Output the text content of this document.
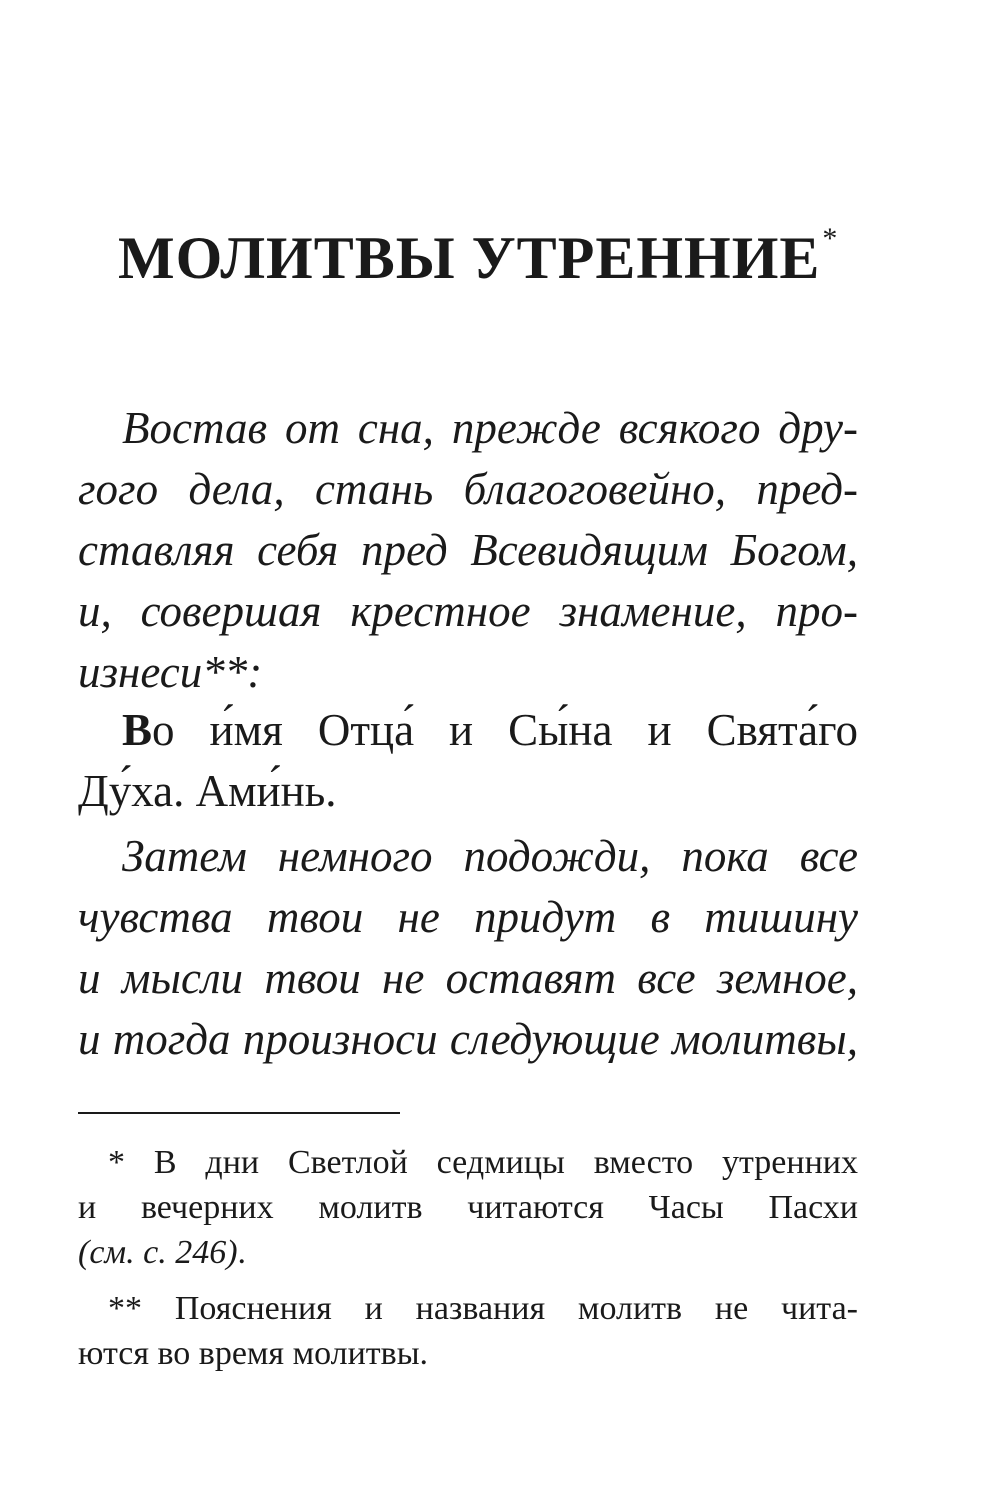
МОЛИТВЫ УТРЕННИЕ*
Востав от сна, прежде всякого дру-
гого дела, стань благоговейно, пред-
ставляя себя пред Всевидящим Богом,
и, совершая крестное знамение, про-
изнеси**:
Во и́мя Отца́ и Сы́на и Свята́го
Ду́ха. Ами́нь.
Затем немного подожди, пока все
чувства твои не придут в тишину
и мысли твои не оставят все земное,
и тогда произноси следующие молитвы,
* В дни Светлой седмицы вместо утренних
и вечерних молитв читаются Часы Пасхи
(см. с. 246).
** Пояснения и названия молитв не чита-
ются во время молитвы.
